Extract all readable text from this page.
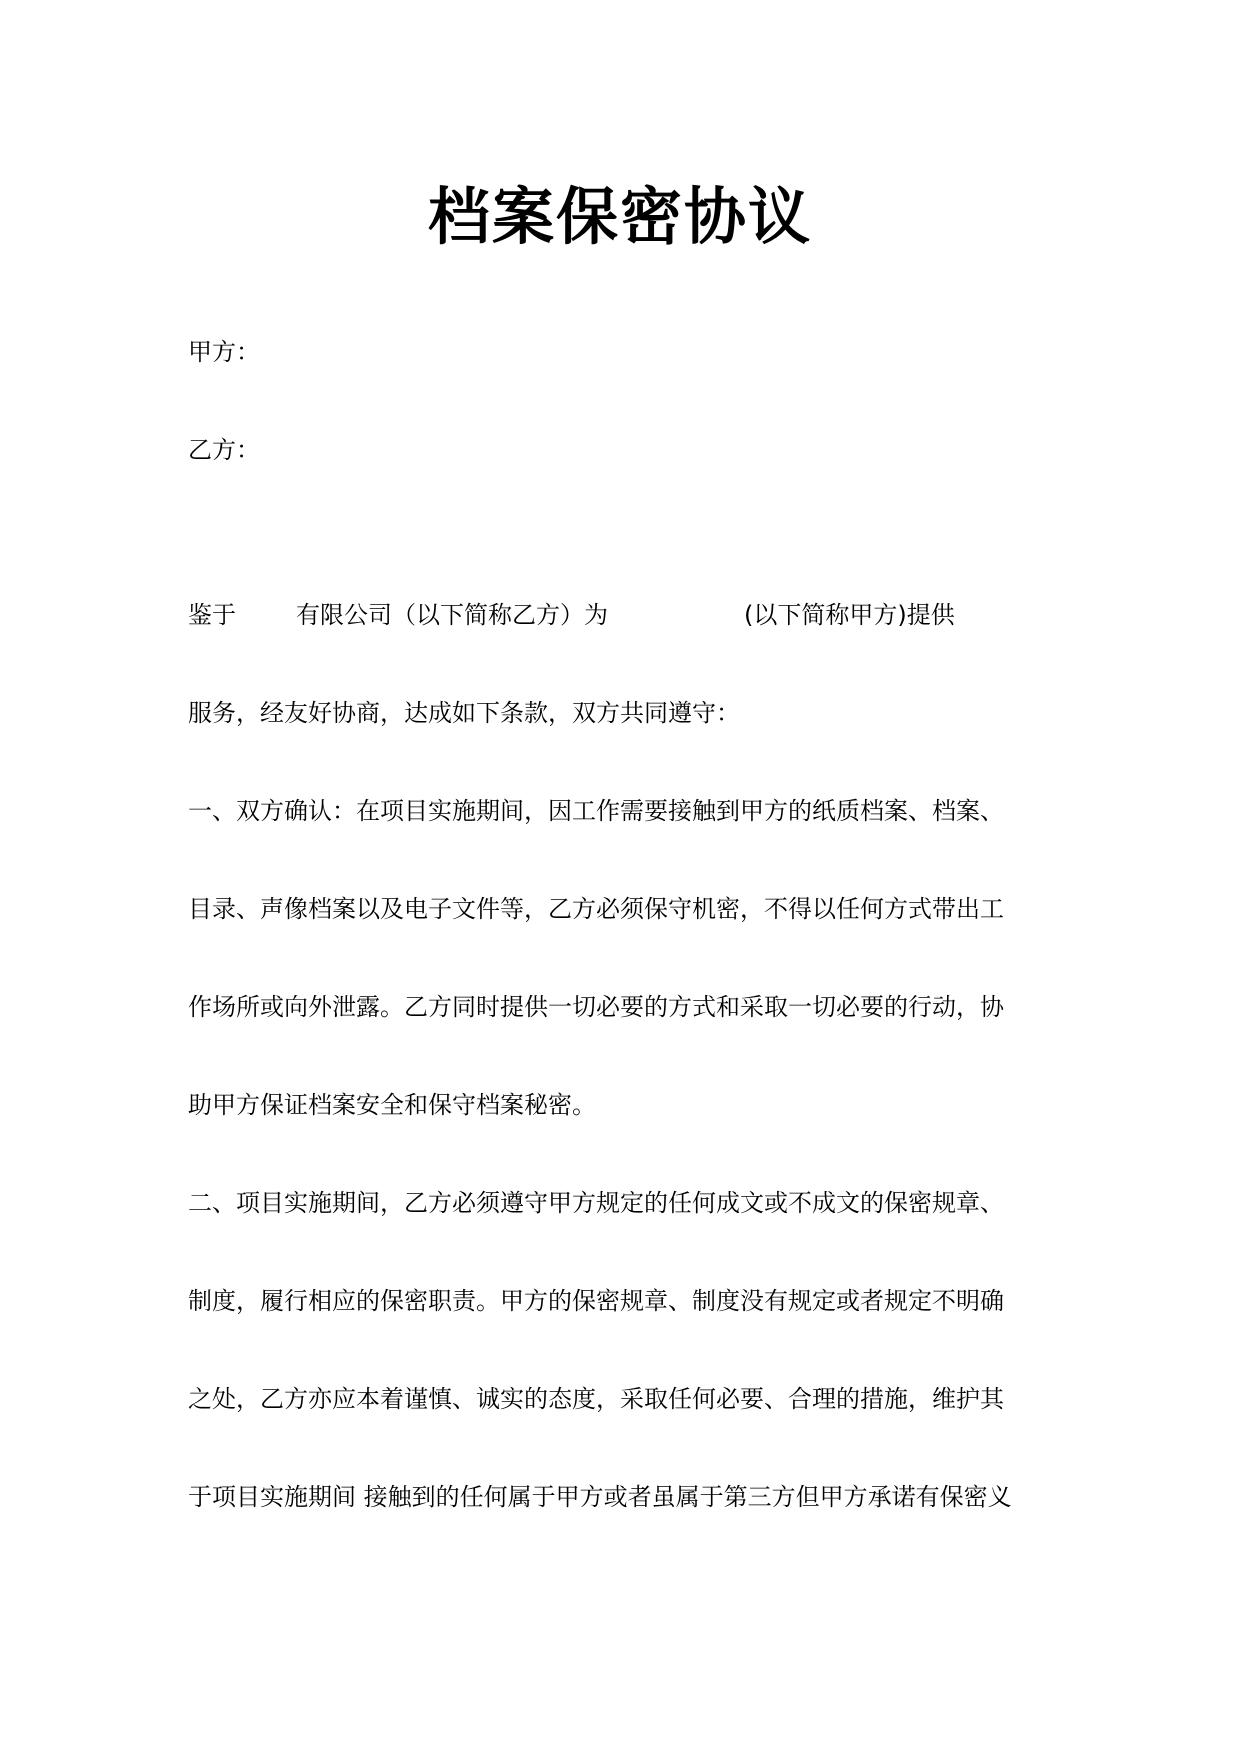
档案保密协议
甲方：
乙方：

鉴于

	有限公司（以下简称乙方）为

	(以下简称甲方)提供

服务，经友好协商，达成如下条款，双方共同遵守：
一、双方确认：在项目实施期间，因工作需要接触到甲方的纸质档案、档案、
目录、声像档案以及电子文件等，乙方必须保守机密，不得以任何方式带出工
作场所或向外泄露。乙方同时提供一切必要的方式和采取一切必要的行动，协
助甲方保证档案安全和保守档案秘密。
二、项目实施期间，乙方必须遵守甲方规定的任何成文或不成文的保密规章、
制度，履行相应的保密职责。甲方的保密规章、制度没有规定或者规定不明确
之处，乙方亦应本着谨慎、诚实的态度，采取任何必要、合理的措施，维护其
于项目实施期间 接触到的任何属于甲方或者虽属于第三方但甲方承诺有保密义
